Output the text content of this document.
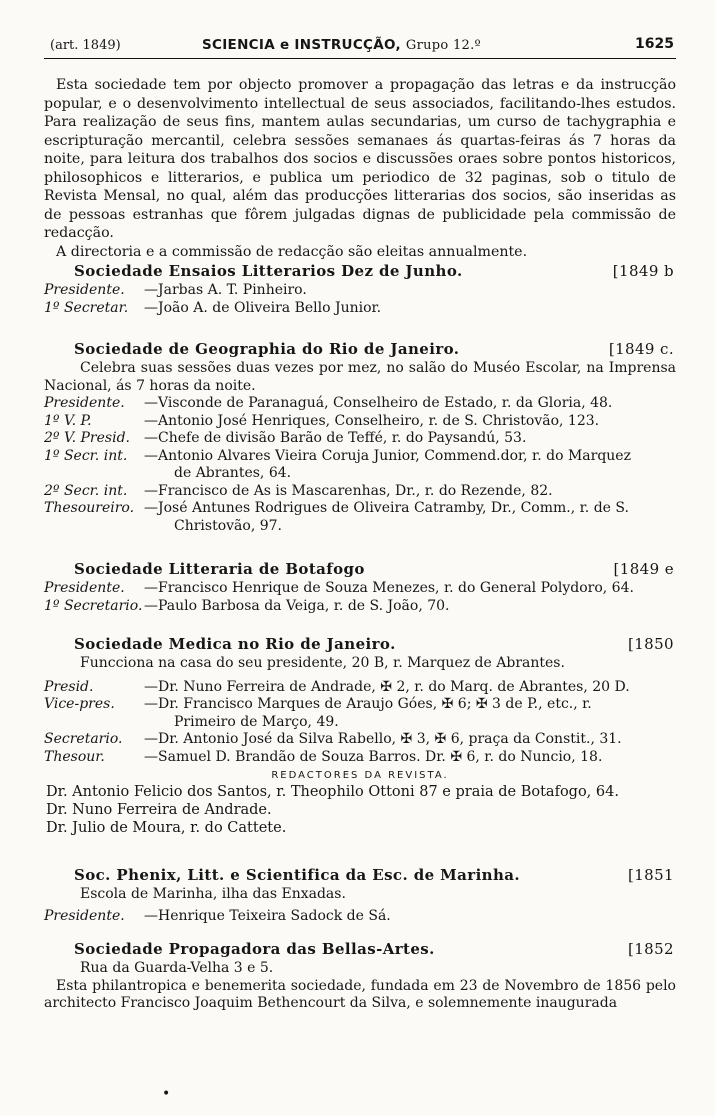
(art. 1849)	SCIENCIA e INSTRUCÇÃO, Grupo 12.º	1625

Esta sociedade tem por objecto promover a propagação das letras e da instrucção popular, e o desenvolvimento intellectual de seus associados, facilitando-lhes estudos. Para realização de seus fins, mantem aulas secundarias, um curso de tachygraphia e escripturação mercantil, celebra sessões semanaes ás quartas-feiras ás 7 horas da noite, para leitura dos trabalhos dos socios e discussões oraes sobre pontos historicos, philosophicos e litterarios, e publica um periodico de 32 paginas, sob o titulo de Revista Mensal, no qual, além das producções litterarias dos socios, são inseridas as de pessoas estranhas que fôrem julgadas dignas de publicidade pela commissão de redacção.

A directoria e a commissão de redacção são eleitas annualmente.

Sociedade Ensaios Litterarios Dez de Junho.	[1849 b
Presidente.	—Jarbas A. T. Pinheiro.
1º Secretar.	—João A. de Oliveira Bello Junior.
Sociedade de Geographia do Rio de Janeiro.	[1849 c.

Celebra suas sessões duas vezes por mez, no salão do Muséo Escolar, na Imprensa Nacional, ás 7 horas da noite.

Presidente.	—Visconde de Paranaguá, Conselheiro de Estado, r. da Gloria, 48.
1º V. P.	—Antonio José Henriques, Conselheiro, r. de S. Christovão, 123.
2º V. Presid.	—Chefe de divisão Barão de Teffé, r. do Paysandú, 53.
1º Secr. int.	—Antonio Alvares Vieira Coruja Junior, Commend.dor, r. do Marquez
de Abrantes, 64.
2º Secr. int.	—Francisco de As is Mascarenhas, Dr., r. do Rezende, 82.
Thesoureiro. —José Antunes Rodrigues de Oliveira Catramby, Dr., Comm., r. de S.
Christovão, 97.
Sociedade Litteraria de Botafogo	[1849 e
Presidente.	—Francisco Henrique de Souza Menezes, r. do General Polydoro, 64.
1º Secretario. —Paulo Barbosa da Veiga, r. de S. João, 70.
Sociedade Medica no Rio de Janeiro.	[1850
Funcciona na casa do seu presidente, 20 B, r. Marquez de Abrantes.
Presid.	—Dr. Nuno Ferreira de Andrade, ✠ 2, r. do Marq. de Abrantes, 20 D.
Vice-pres.	—Dr. Francisco Marques de Araujo Góes, ✠ 6; ✠ 3 de P., etc., r.
Primeiro de Março, 49.
Secretario.	—Dr. Antonio José da Silva Rabello, ✠ 3, ✠ 6, praça da Constit., 31.
Thesour.	—Samuel D. Brandão de Souza Barros. Dr. ✠ 6, r. do Nuncio, 18.
REDACTORES DA REVISTA.
Dr. Antonio Felicio dos Santos, r. Theophilo Ottoni 87 e praia de Botafogo, 64.
Dr. Nuno Ferreira de Andrade.
Dr. Julio de Moura, r. do Cattete.
Soc. Phenix, Litt. e Scientifica da Esc. de Marinha.	[1851
Escola de Marinha, ilha das Enxadas.
Presidente.	—Henrique Teixeira Sadock de Sá.
Sociedade Propagadora das Bellas-Artes.	[1852
Rua da Guarda-Velha 3 e 5.

Esta philantropica e benemerita sociedade, fundada em 23 de Novembro de 1856 pelo architecto Francisco Joaquim Bethencourt da Silva, e solemnemente inaugurada

•
